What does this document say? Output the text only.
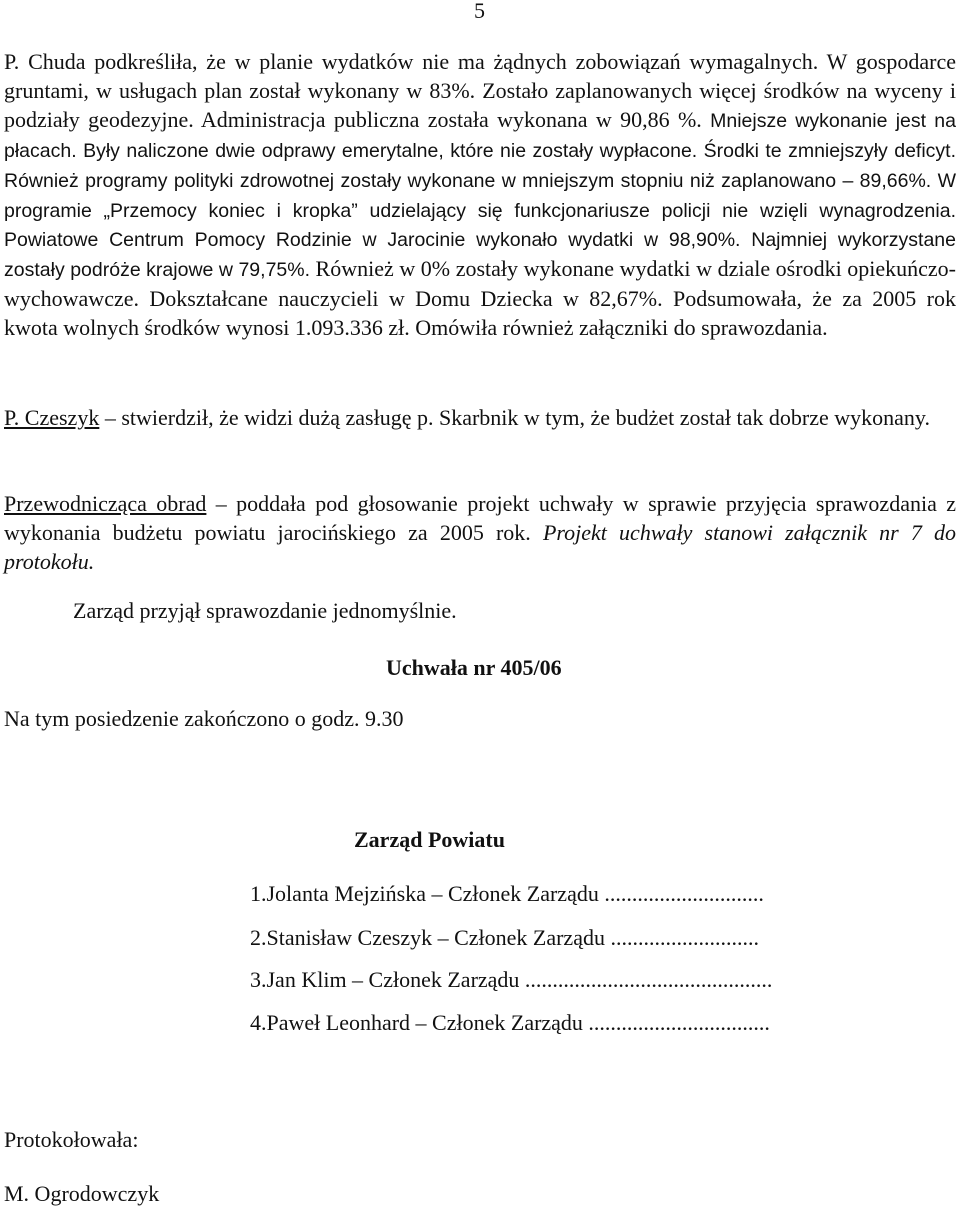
5

P. Chuda podkreśliła, że w planie wydatków nie ma żądnych zobowiązań wymagalnych. W gospodarce gruntami, w usługach plan został wykonany w 83%. Zostało zaplanowanych więcej środków na wyceny i podziały geodezyjne. Administracja publiczna została wykonana w 90,86 %. Mniejsze wykonanie jest na płacach. Były naliczone dwie odprawy emerytalne, które nie zostały wypłacone. Środki te zmniejszyły deficyt. Również programy polityki zdrowotnej zostały wykonane w mniejszym stopniu niż zaplanowano – 89,66%. W programie „Przemocy koniec i kropka” udzielający się funkcjonariusze policji nie wzięli wynagrodzenia. Powiatowe Centrum Pomocy Rodzinie w Jarocinie wykonało wydatki w 98,90%. Najmniej wykorzystane zostały podróże krajowe w 79,75%. Również w 0% zostały wykonane wydatki w dziale ośrodki opiekuńczo-wychowawcze. Dokształcane nauczycieli w Domu Dziecka w 82,67%. Podsumowała, że za 2005 rok kwota wolnych środków wynosi 1.093.336 zł. Omówiła również załączniki do sprawozdania.

P. Czeszyk – stwierdził, że widzi dużą zasługę p. Skarbnik w tym, że budżet został tak dobrze wykonany.

Przewodnicząca obrad – poddała pod głosowanie projekt uchwały w sprawie przyjęcia sprawozdania z wykonania budżetu powiatu jarocińskiego za 2005 rok. Projekt uchwały stanowi załącznik nr 7 do protokołu.

Zarząd przyjął sprawozdanie jednomyślnie.

Uchwała nr 405/06

Na tym posiedzenie zakończono o godz. 9.30

Zarząd Powiatu

1.Jolanta Mejzińska – Członek Zarządu .............................

2.Stanisław Czeszyk – Członek Zarządu ...........................

3.Jan Klim – Członek Zarządu .............................................

4.Paweł Leonhard – Członek Zarządu .................................

Protokołowała:

M. Ogrodowczyk
